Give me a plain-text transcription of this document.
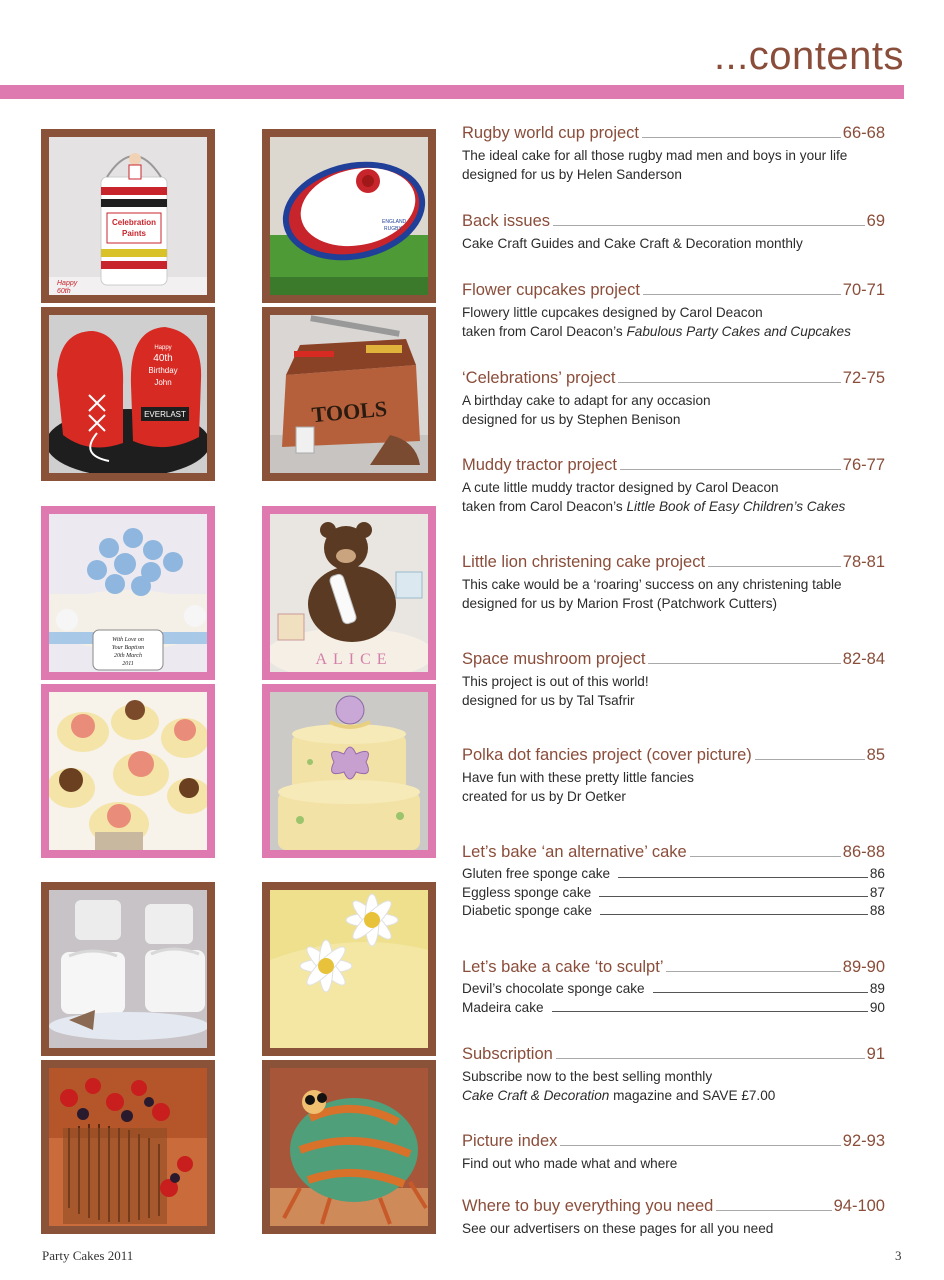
...contents
Celebration
Paints
Happy
60th
ENGLAND
RUGBY
EVERLAST
Happy
40th
Birthday
John
TOOLS
With Love on
Your Baptism
20th March
2011	ALICE
Rugby world cup project	66-68
The ideal cake for all those rugby mad men and boys in your life
designed for us by Helen Sanderson
Back issues	69
Cake Craft Guides and Cake Craft & Decoration monthly
Flower cupcakes project	70-71
Flowery little cupcakes designed by Carol Deacon
taken from Carol Deacon’s Fabulous Party Cakes and Cupcakes
‘Celebrations’ project	72-75
A birthday cake to adapt for any occasion
designed for us by Stephen Benison
Muddy tractor project	76-77
A cute little muddy tractor designed by Carol Deacon
taken from Carol Deacon’s Little Book of Easy Children’s Cakes
Little lion christening cake project	78-81
This cake would be a ‘roaring’ success on any christening table
designed for us by Marion Frost (Patchwork Cutters)
Space mushroom project	82-84
This project is out of this world!
designed for us by Tal Tsafrir
Polka dot fancies project (cover picture)	85
Have fun with these pretty little fancies
created for us by Dr Oetker
Let’s bake ‘an alternative’ cake	86-88
Gluten free sponge cake	86
Eggless sponge cake	87
Diabetic sponge cake	88
Let’s bake a cake ‘to sculpt’	89-90
Devil’s chocolate sponge cake	89
Madeira cake	90
Subscription	91
Subscribe now to the best selling monthly
Cake Craft & Decoration magazine and SAVE £7.00
Picture index	92-93
Find out who made what and where
Where to buy everything you need	94-100
See our advertisers on these pages for all you need
Party Cakes 2011	3
